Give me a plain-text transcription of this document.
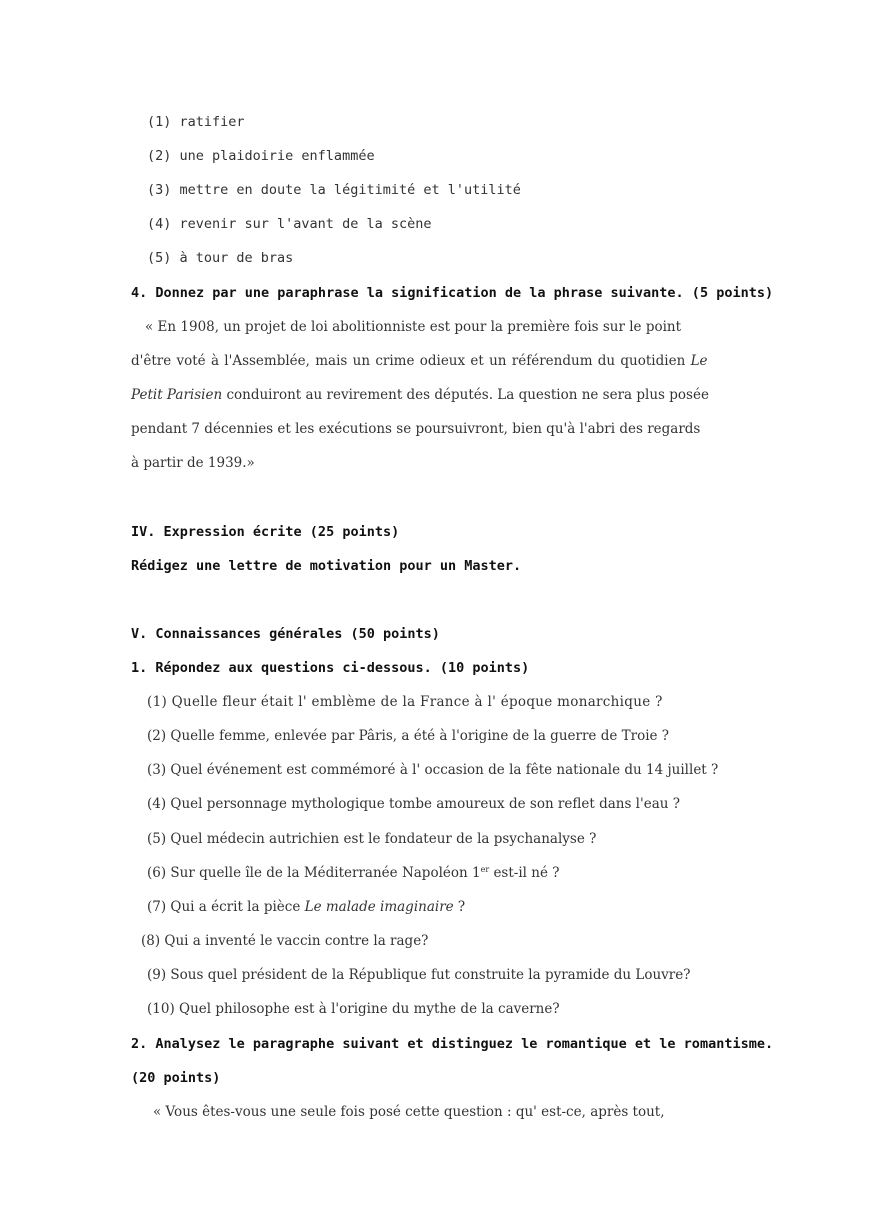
(1) ratifier
(2) une plaidoirie enflammée
(3) mettre en doute la légitimité et l'utilité
(4) revenir sur l'avant de la scène
(5) à tour de bras
4. Donnez par une paraphrase la signification de la phrase suivante. (5 points)
« En 1908, un projet de loi abolitionniste est pour la première fois sur le point
d'être voté à l'Assemblée, mais un crime odieux et un référendum du quotidien Le
Petit Parisien conduiront au revirement des députés. La question ne sera plus posée
pendant 7 décennies et les exécutions se poursuivront, bien qu'à l'abri des regards
à partir de 1939.»
IV. Expression écrite (25 points)
Rédigez une lettre de motivation pour un Master.
V. Connaissances générales (50 points)
1. Répondez aux questions ci-dessous. (10 points)
(1) Quelle fleur était l' emblème de la France à l' époque monarchique ?
(2) Quelle femme, enlevée par Pâris, a été à l'origine de la guerre de Troie ?
(3) Quel événement est commémoré à l' occasion de la fête nationale du 14 juillet ?
(4) Quel personnage mythologique tombe amoureux de son reflet dans l'eau ?
(5) Quel médecin autrichien est le fondateur de la psychanalyse ?
(6) Sur quelle île de la Méditerranée Napoléon 1er est-il né ?
(7) Qui a écrit la pièce Le malade imaginaire ?
(8) Qui a inventé le vaccin contre la rage?
(9) Sous quel président de la République fut construite la pyramide du Louvre?
(10) Quel philosophe est à l'origine du mythe de la caverne?
2. Analysez le paragraphe suivant et distinguez le romantique et le romantisme.
(20 points)
« Vous êtes-vous une seule fois posé cette question : qu' est-ce, après tout,
